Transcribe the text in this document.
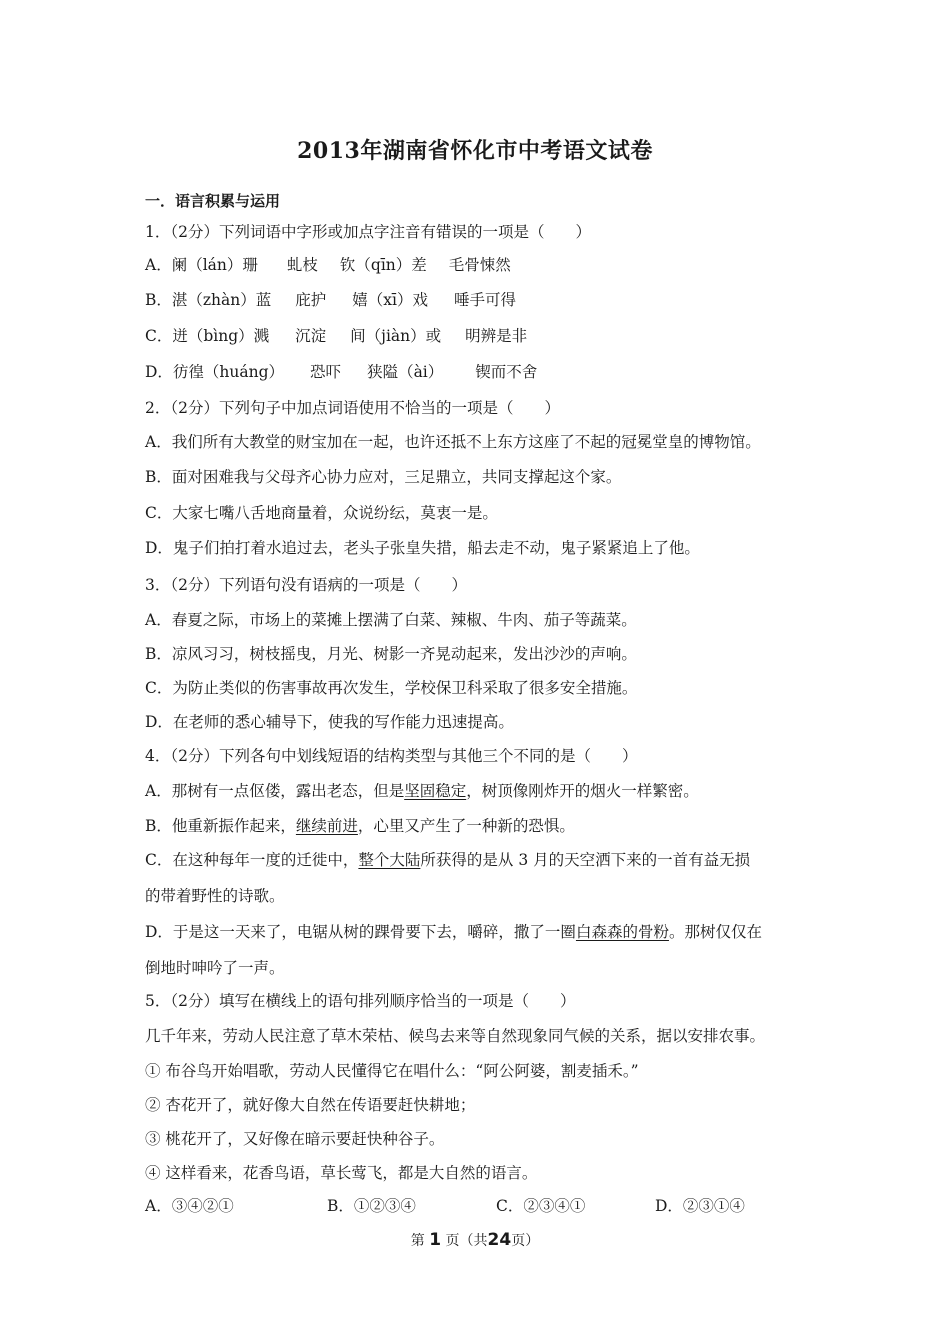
2013年湖南省怀化市中考语文试卷

一．语言积累与运用

1．（2分）下列词语中字形或加点字注音有错误的一项是（　　）

A．阑（lán）珊 虬枝 钦（qīn）差 毛骨悚然

B．湛（zhàn）蓝 庇护 嬉（xī）戏 唾手可得

C．迸（bìng）溅 沉淀 间（jiàn）或 明辨是非

D．彷徨（huáng） 恐吓 狭隘（ài） 锲而不舍

2．（2分）下列句子中加点词语使用不恰当的一项是（　　）

A．我们所有大教堂的财宝加在一起，也许还抵不上东方这座了不起的冠冕堂皇的博物馆。

B．面对困难我与父母齐心协力应对，三足鼎立，共同支撑起这个家。

C．大家七嘴八舌地商量着，众说纷纭，莫衷一是。

D．鬼子们拍打着水追过去，老头子张皇失措，船去走不动，鬼子紧紧追上了他。

3．（2分）下列语句没有语病的一项是（　　）

A．春夏之际，市场上的菜摊上摆满了白菜、辣椒、牛肉、茄子等蔬菜。

B．凉风习习，树枝摇曳，月光、树影一齐晃动起来，发出沙沙的声响。

C．为防止类似的伤害事故再次发生，学校保卫科采取了很多安全措施。

D．在老师的悉心辅导下，使我的写作能力迅速提高。

4．（2分）下列各句中划线短语的结构类型与其他三个不同的是（　　）

A．那树有一点伛偻，露出老态，但是坚固稳定，树顶像刚炸开的烟火一样繁密。

B．他重新振作起来，继续前进，心里又产生了一种新的恐惧。

C．在这种每年一度的迁徙中，整个大陆所获得的是从 3 月的天空洒下来的一首有益无损

的带着野性的诗歌。

D．于是这一天来了，电锯从树的踝骨要下去，嚼碎，撒了一圈白森森的骨粉。那树仅仅在

倒地时呻吟了一声。

5．（2分）填写在横线上的语句排列顺序恰当的一项是（　　）

几千年来，劳动人民注意了草木荣枯、候鸟去来等自然现象同气候的关系，据以安排农事。

① 布谷鸟开始唱歌，劳动人民懂得它在唱什么：“阿公阿婆，割麦插禾。”

② 杏花开了，就好像大自然在传语要赶快耕地；

③ 桃花开了，又好像在暗示要赶快种谷子。

④ 这样看来，花香鸟语，草长莺飞，都是大自然的语言。

A．③④②①	B．①②③④	C．②③④①	D．②③①④
第 1 页（共24页）
